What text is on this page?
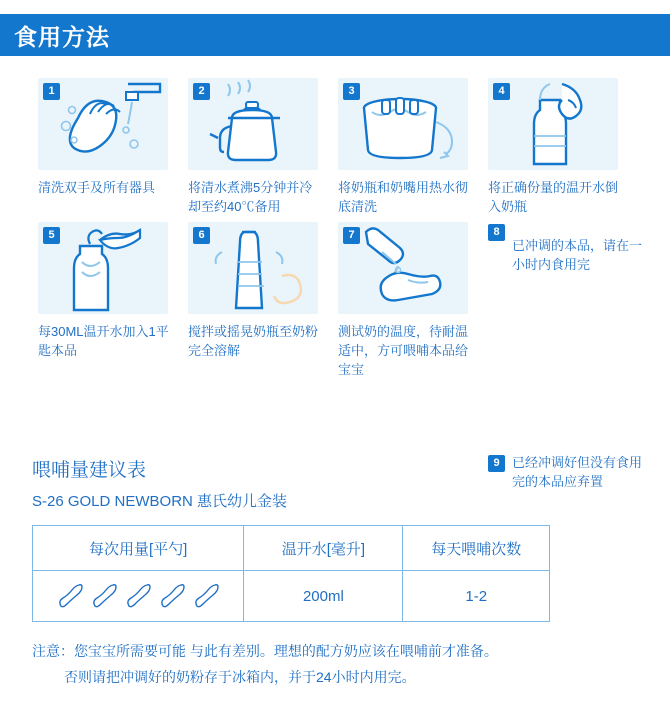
食用方法
1
清洗双手及所有器具
2
将清水煮沸5分钟并冷却至约40℃备用
3
将奶瓶和奶嘴用热水彻底清洗
4
将正确份量的温开水倒入奶瓶
5
每30ML温开水加入1平匙本品
6
搅拌或摇晃奶瓶至奶粉完全溶解
7
测试奶的温度，待耐温适中，方可喂哺本品给宝宝
8
已冲调的本品，请在一小时内食用完
9 已经冲调好但没有食用完的本品应弃置
喂哺量建议表
S-26 GOLD NEWBORN 惠氏幼儿金装
每次用量[平勺]	温开水[毫升]	每天喂哺次数

	200ml	1-2
注意：您宝宝所需要可能 与此有差别。理想的配方奶应该在喂哺前才准备。
否则请把冲调好的奶粉存于冰箱内，并于24小时内用完。
